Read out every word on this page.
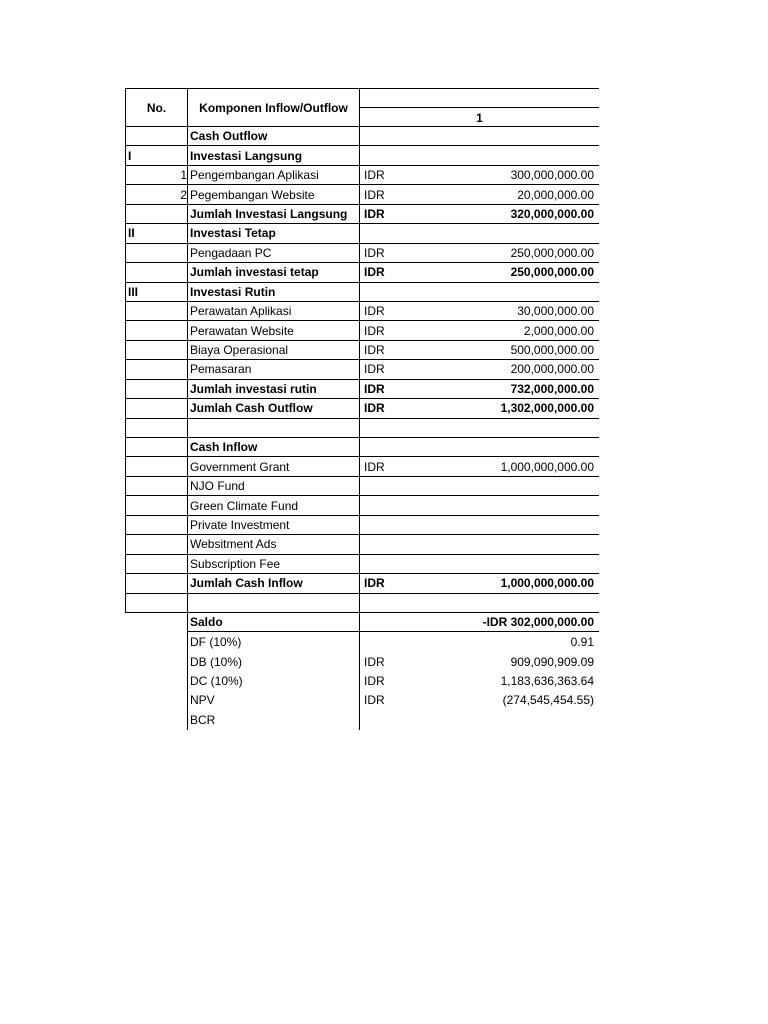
No.	Komponen Inflow/Outflow
1
Cash Outflow
I	Investasi Langsung
1 Pengembangan Aplikasi	IDR	300,000,000.00
2 Pegembangan Website	IDR	20,000,000.00
Jumlah Investasi Langsung	IDR	320,000,000.00
II	Investasi Tetap
Pengadaan PC	IDR	250,000,000.00
Jumlah investasi tetap	IDR	250,000,000.00
III	Investasi Rutin
Perawatan Aplikasi	IDR	30,000,000.00
Perawatan Website	IDR	2,000,000.00
Biaya Operasional	IDR	500,000,000.00
Pemasaran	IDR	200,000,000.00
Jumlah investasi rutin	IDR	732,000,000.00
Jumlah Cash Outflow	IDR	1,302,000,000.00
Cash Inflow
Government Grant	IDR	1,000,000,000.00
NJO Fund
Green Climate Fund
Private Investment
Websitment Ads
Subscription Fee
Jumlah Cash Inflow	IDR	1,000,000,000.00
Saldo	-IDR 302,000,000.00
DF (10%)	0.91
DB (10%)	IDR	909,090,909.09
DC (10%)	IDR	1,183,636,363.64
NPV	IDR	(274,545,454.55)
BCR
